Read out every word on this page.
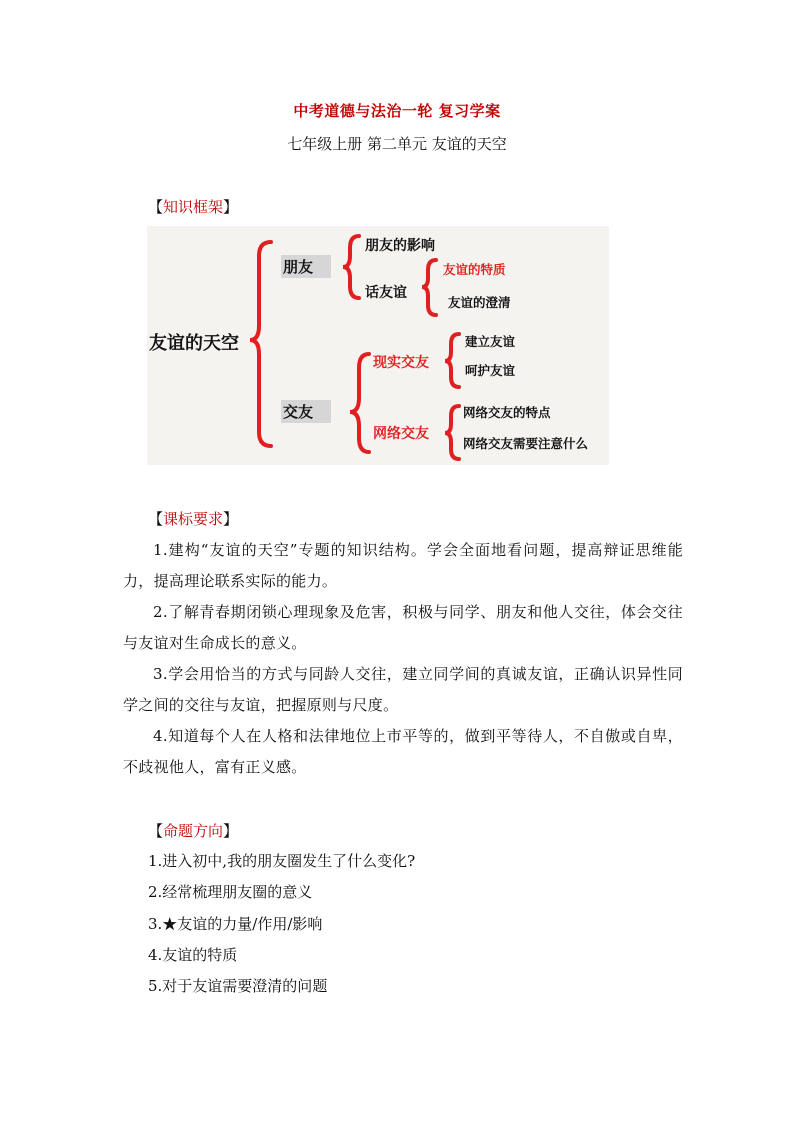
中考道德与法治一轮 复习学案
七年级上册 第二单元 友谊的天空
【知识框架】
友谊的天空
朋友
朋友的影响
话友谊
友谊的特质
友谊的澄清
交友
现实交友
建立友谊
呵护友谊
网络交友
网络交友的特点
网络交友需要注意什么
【课标要求】
1.建构“友谊的天空”专题的知识结构。学会全面地看问题，提高辩证思维能力，提高理论联系实际的能力。
2.了解青春期闭锁心理现象及危害，积极与同学、朋友和他人交往，体会交往与友谊对生命成长的意义。
3.学会用恰当的方式与同龄人交往，建立同学间的真诚友谊，正确认识异性同学之间的交往与友谊，把握原则与尺度。
4.知道每个人在人格和法律地位上市平等的，做到平等待人，不自傲或自卑，不歧视他人，富有正义感。
【命题方向】
1.进入初中,我的朋友圈发生了什么变化?
2.经常梳理朋友圈的意义
3.★友谊的力量/作用/影响
4.友谊的特质
5.对于友谊需要澄清的问题
